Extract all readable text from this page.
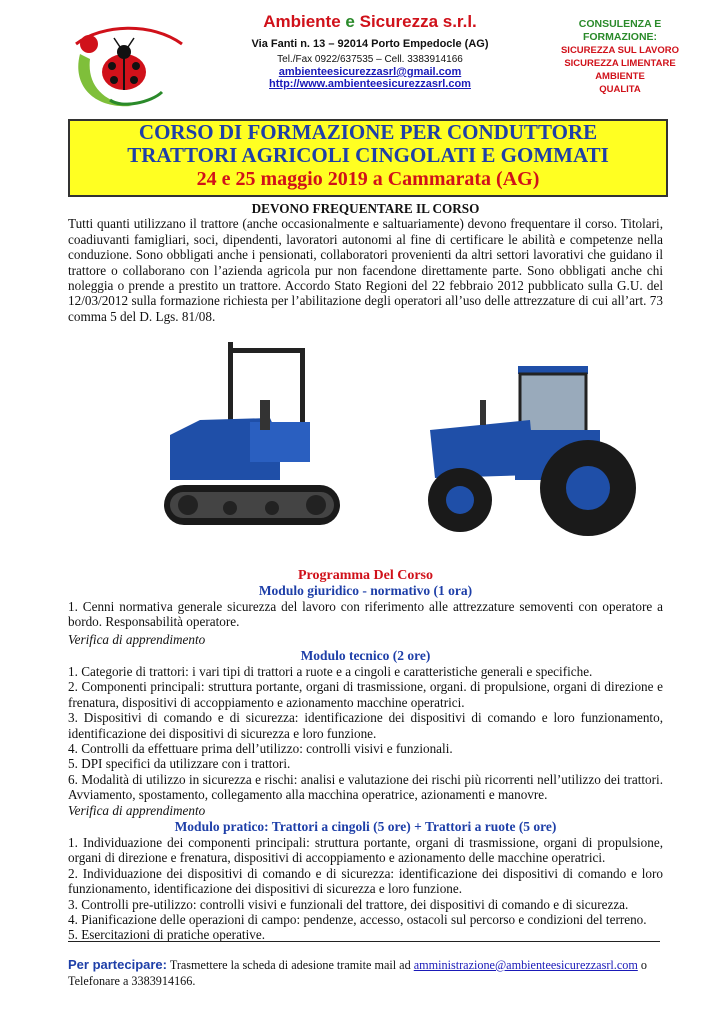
Ambiente e Sicurezza s.r.l.
Via Fanti n. 13 – 92014 Porto Empedocle (AG)
Tel./Fax 0922/637535 – Cell. 3383914166
ambienteesicurezzasrl@gmail.com
http://www.ambienteesicurezzasrl.com
CONSULENZA E
FORMAZIONE:
SICUREZZA SUL LAVORO
SICUREZZA LIMENTARE
AMBIENTE
QUALITA
CORSO DI FORMAZIONE PER CONDUTTORE
TRATTORI AGRICOLI CINGOLATI E GOMMATI
24 e 25 maggio 2019 a Cammarata (AG)
DEVONO FREQUENTARE IL CORSO
Tutti quanti utilizzano il trattore (anche occasionalmente e saltuariamente) devono frequentare il corso. Titolari, coadiuvanti famigliari, soci, dipendenti, lavoratori autonomi al fine di certificare le abilità e competenze nella conduzione. Sono obbligati anche i pensionati, collaboratori provenienti da altri settori lavorativi che guidano il trattore o collaborano con l’azienda agricola pur non facendone direttamente parte. Sono obbligati anche chi noleggia o prende a prestito un trattore. Accordo Stato Regioni del 22 febbraio 2012 pubblicato sulla G.U. del 12/03/2012 sulla formazione richiesta per l’abilitazione degli operatori all’uso delle attrezzature di cui all’art. 73 comma 5 del D. Lgs. 81/08.
Programma Del Corso
Modulo giuridico - normativo (1 ora)
1. Cenni normativa generale sicurezza del lavoro con riferimento alle attrezzature semoventi con operatore a bordo. Responsabilità operatore.
Verifica di apprendimento
Modulo tecnico (2 ore)
1. Categorie di trattori: i vari tipi di trattori a ruote e a cingoli e caratteristiche generali e specifiche.
2. Componenti principali: struttura portante, organi di trasmissione, organi. di propulsione, organi di direzione e frenatura, dispositivi di accoppiamento e azionamento macchine operatrici.
3. Dispositivi di comando e di sicurezza: identificazione dei dispositivi di comando e loro funzionamento, identificazione dei dispositivi di sicurezza e loro funzione.
4. Controlli da effettuare prima dell’utilizzo: controlli visivi e funzionali.
5. DPI specifici da utilizzare con i trattori.
6. Modalità di utilizzo in sicurezza e rischi: analisi e valutazione dei rischi più ricorrenti nell’utilizzo dei trattori. Avviamento, spostamento, collegamento alla macchina operatrice, azionamenti e manovre.
Verifica di apprendimento
Modulo pratico: Trattori a cingoli (5 ore) + Trattori a ruote (5 ore)
1. Individuazione dei componenti principali: struttura portante, organi di trasmissione, organi di propulsione, organi di direzione e frenatura, dispositivi di accoppiamento e azionamento delle macchine operatrici.
2. Individuazione dei dispositivi di comando e di sicurezza: identificazione dei dispositivi di comando e loro funzionamento, identificazione dei dispositivi di sicurezza e loro funzione.
3. Controlli pre-utilizzo: controlli visivi e funzionali del trattore, dei dispositivi di comando e di sicurezza.
4. Pianificazione delle operazioni di campo: pendenze, accesso, ostacoli sul percorso e condizioni del terreno.
5. Esercitazioni di pratiche operative.
Per partecipare: Trasmettere la scheda di adesione tramite mail ad amministrazione@ambienteesicurezzasrl.com o Telefonare a 3383914166.
